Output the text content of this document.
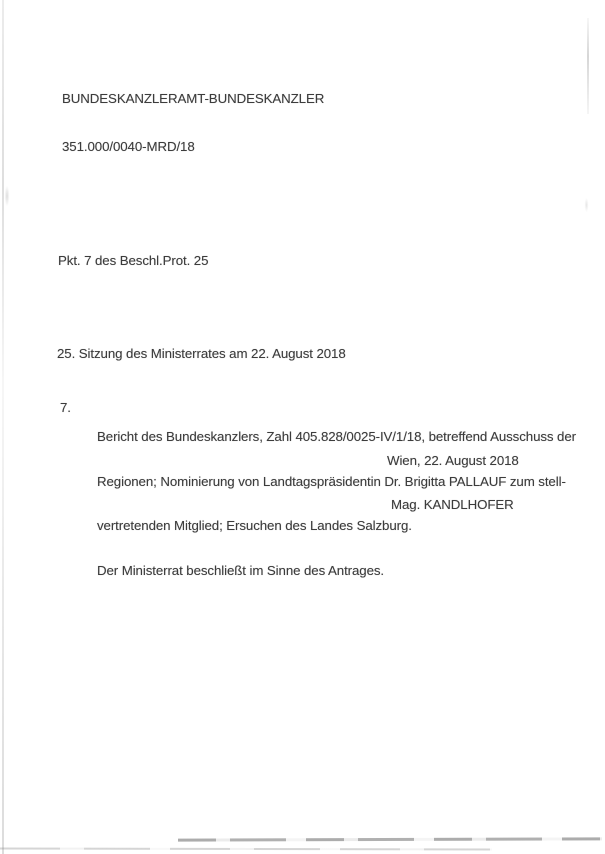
BUNDESKANZLERAMT-BUNDESKANZLER

351.000/0040-MRD/18

Pkt. 7 des Beschl.Prot. 25
25. Sitzung des Ministerrates am 22. August 2018
7.

Bericht des Bundeskanzlers, Zahl 405.828/0025-IV/1/18, betreffend Ausschuss der

Regionen; Nominierung von Landtagspräsidentin Dr. Brigitta PALLAUF zum stell-

vertretenden Mitglied; Ersuchen des Landes Salzburg.

Der Ministerrat beschließt im Sinne des Antrages.

Wien, 22. August 2018
Mag. KANDLHOFER
